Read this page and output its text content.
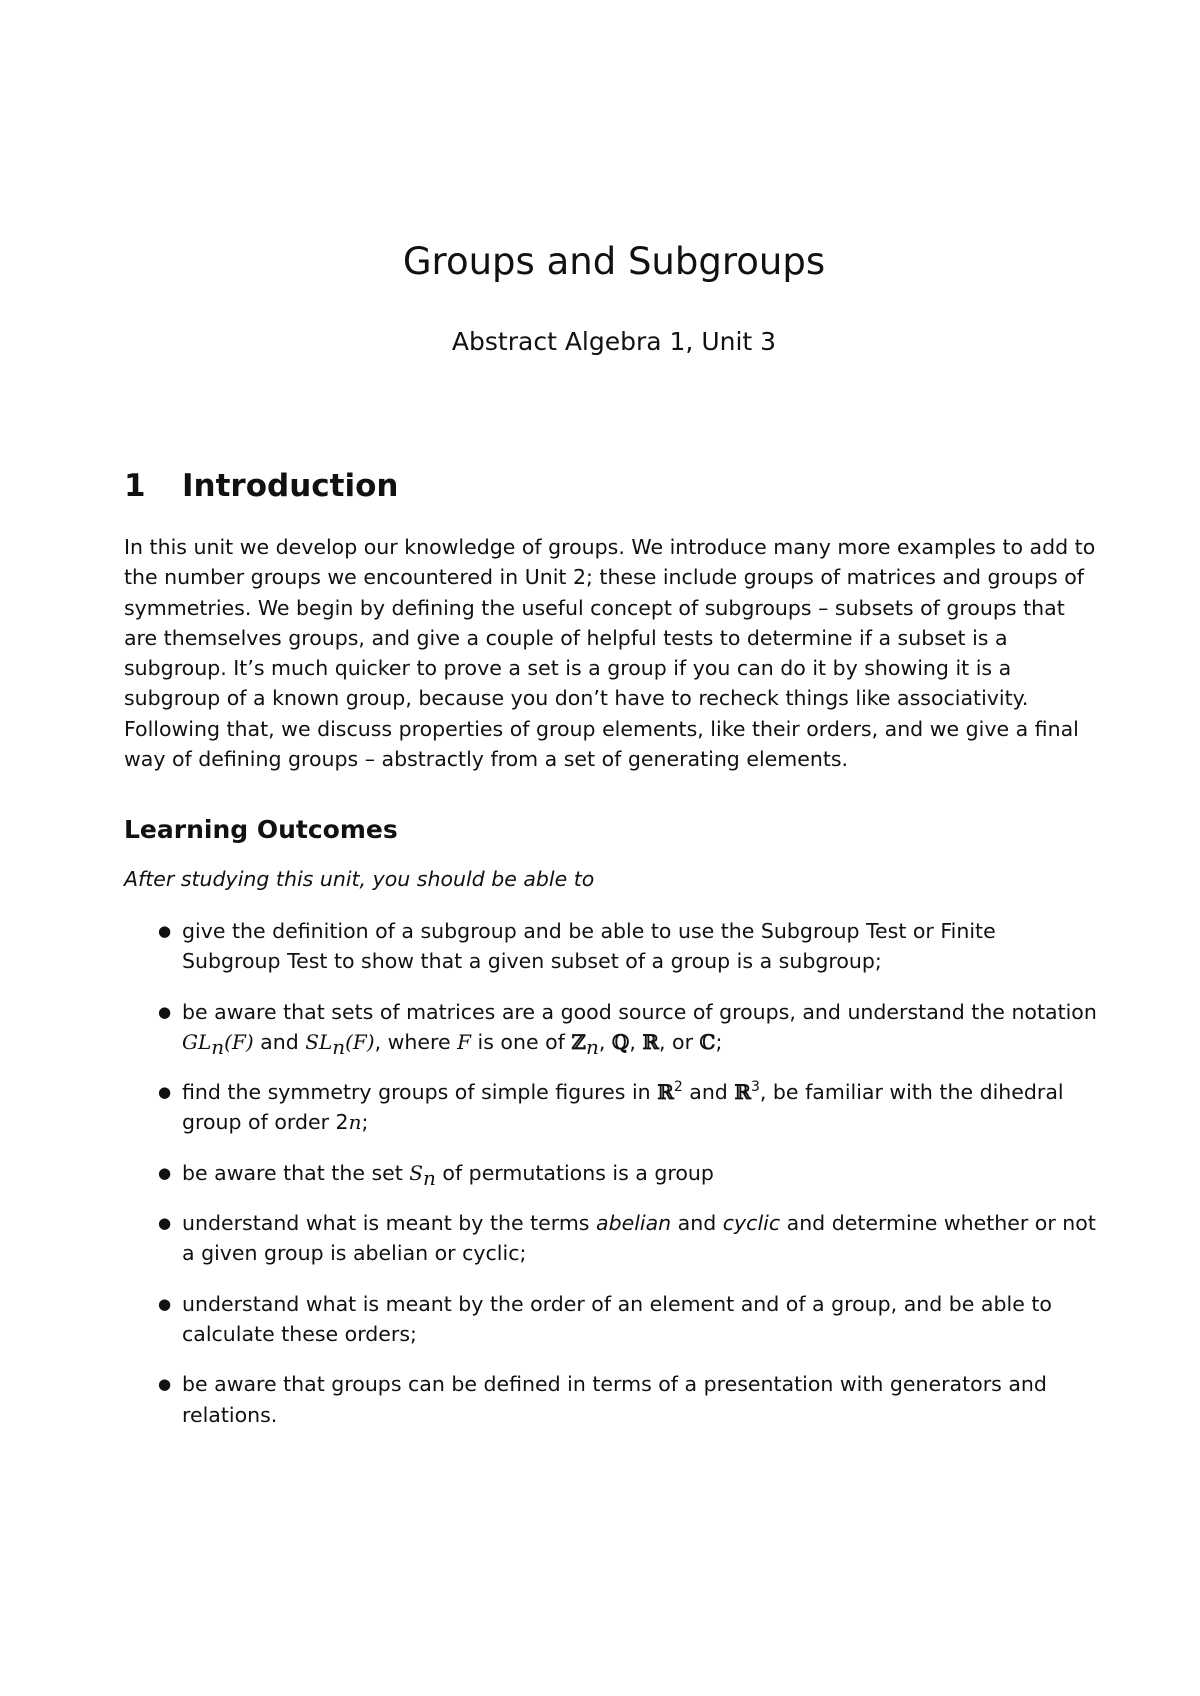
Groups and Subgroups
Abstract Algebra 1, Unit 3
1 Introduction

In this unit we develop our knowledge of groups. We introduce many more examples to add to the number groups we encountered in Unit 2; these include groups of matrices and groups of symmetries. We begin by defining the useful concept of subgroups – subsets of groups that are themselves groups, and give a couple of helpful tests to determine if a subset is a subgroup. It’s much quicker to prove a set is a group if you can do it by showing it is a subgroup of a known group, because you don’t have to recheck things like associativity. Following that, we discuss properties of group elements, like their orders, and we give a final way of defining groups – abstractly from a set of generating elements.

Learning Outcomes

After studying this unit, you should be able to

● give the definition of a subgroup and be able to use the Subgroup Test or Finite Subgroup Test to show that a given subset of a group is a subgroup;
● be aware that sets of matrices are a good source of groups, and understand the notation $GL_n(F)$ and $SL_n(F)$, where F is one of ℤ$_n$, ℚ, ℝ, or ℂ;
● find the symmetry groups of simple figures in ℝ$^2$ and ℝ$^3$, be familiar with the dihedral group of order 2n;
● be aware that the set $S_n$ of permutations is a group
● understand what is meant by the terms abelian and cyclic and determine whether or not a given group is abelian or cyclic;
● understand what is meant by the order of an element and of a group, and be able to calculate these orders;
● be aware that groups can be defined in terms of a presentation with generators and relations.
